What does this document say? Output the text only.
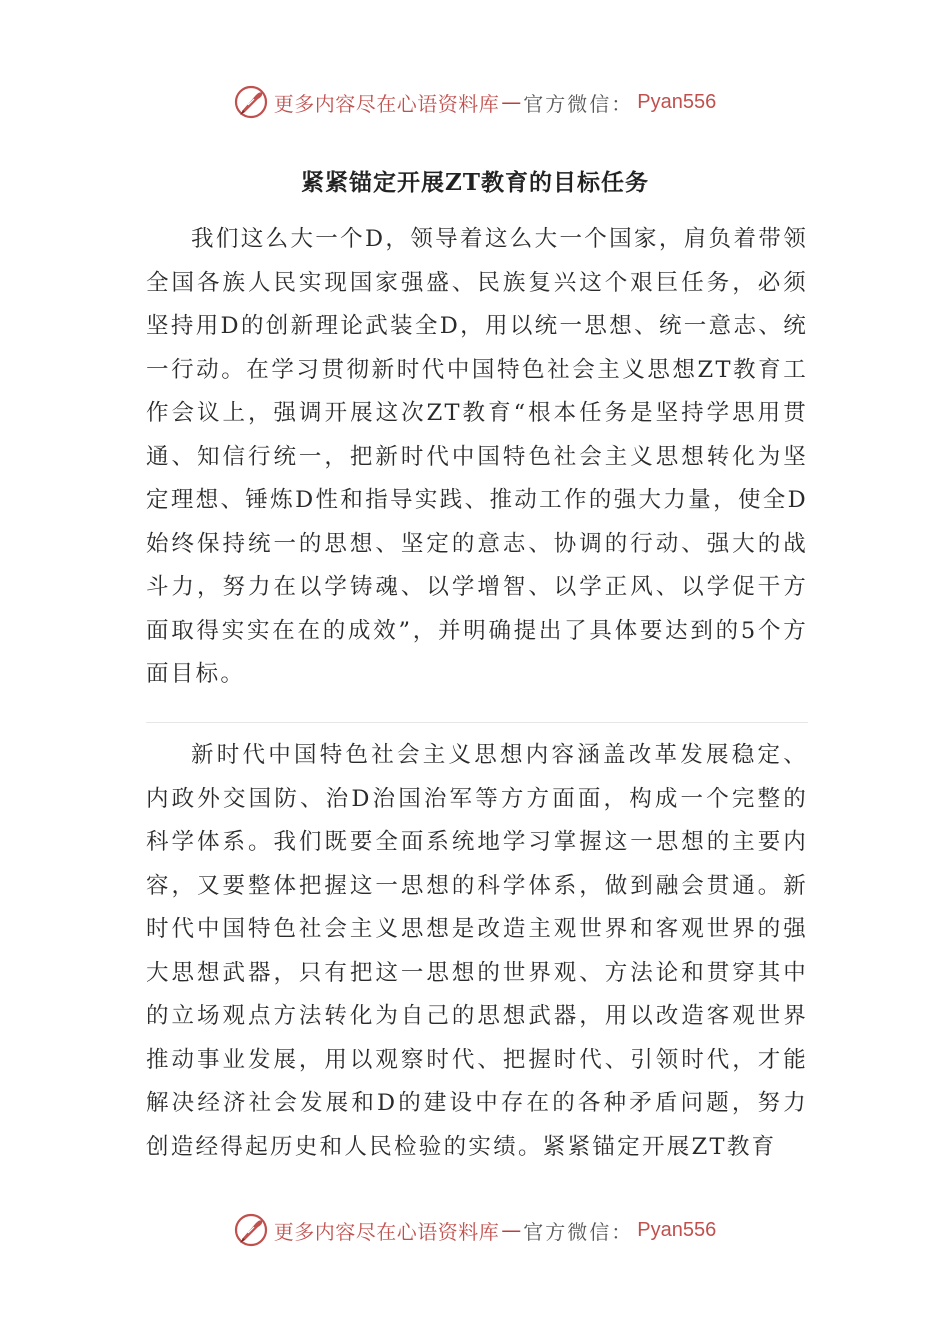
更多内容尽在心语资料库 — 官方微信： Pyan556
紧紧锚定开展ZT教育的目标任务

我们这么大一个D，领导着这么大一个国家，肩负着带领全国各族人民实现国家强盛、民族复兴这个艰巨任务，必须坚持用D的创新理论武装全D，用以统一思想、统一意志、统一行动。在学习贯彻新时代中国特色社会主义思想ZT教育工作会议上，强调开展这次ZT教育“根本任务是坚持学思用贯通、知信行统一，把新时代中国特色社会主义思想转化为坚定理想、锤炼D性和指导实践、推动工作的强大力量，使全D始终保持统一的思想、坚定的意志、协调的行动、强大的战斗力，努力在以学铸魂、以学增智、以学正风、以学促干方面取得实实在在的成效”，并明确提出了具体要达到的5个方面目标。

新时代中国特色社会主义思想内容涵盖改革发展稳定、内政外交国防、治D治国治军等方方面面，构成一个完整的科学体系。我们既要全面系统地学习掌握这一思想的主要内容，又要整体把握这一思想的科学体系，做到融会贯通。新时代中国特色社会主义思想是改造主观世界和客观世界的强大思想武器，只有把这一思想的世界观、方法论和贯穿其中的立场观点方法转化为自己的思想武器，用以改造客观世界推动事业发展，用以观察时代、把握时代、引领时代，才能解决经济社会发展和D的建设中存在的各种矛盾问题，努力创造经得起历史和人民检验的实绩。紧紧锚定开展ZT教育

更多内容尽在心语资料库 — 官方微信： Pyan556
